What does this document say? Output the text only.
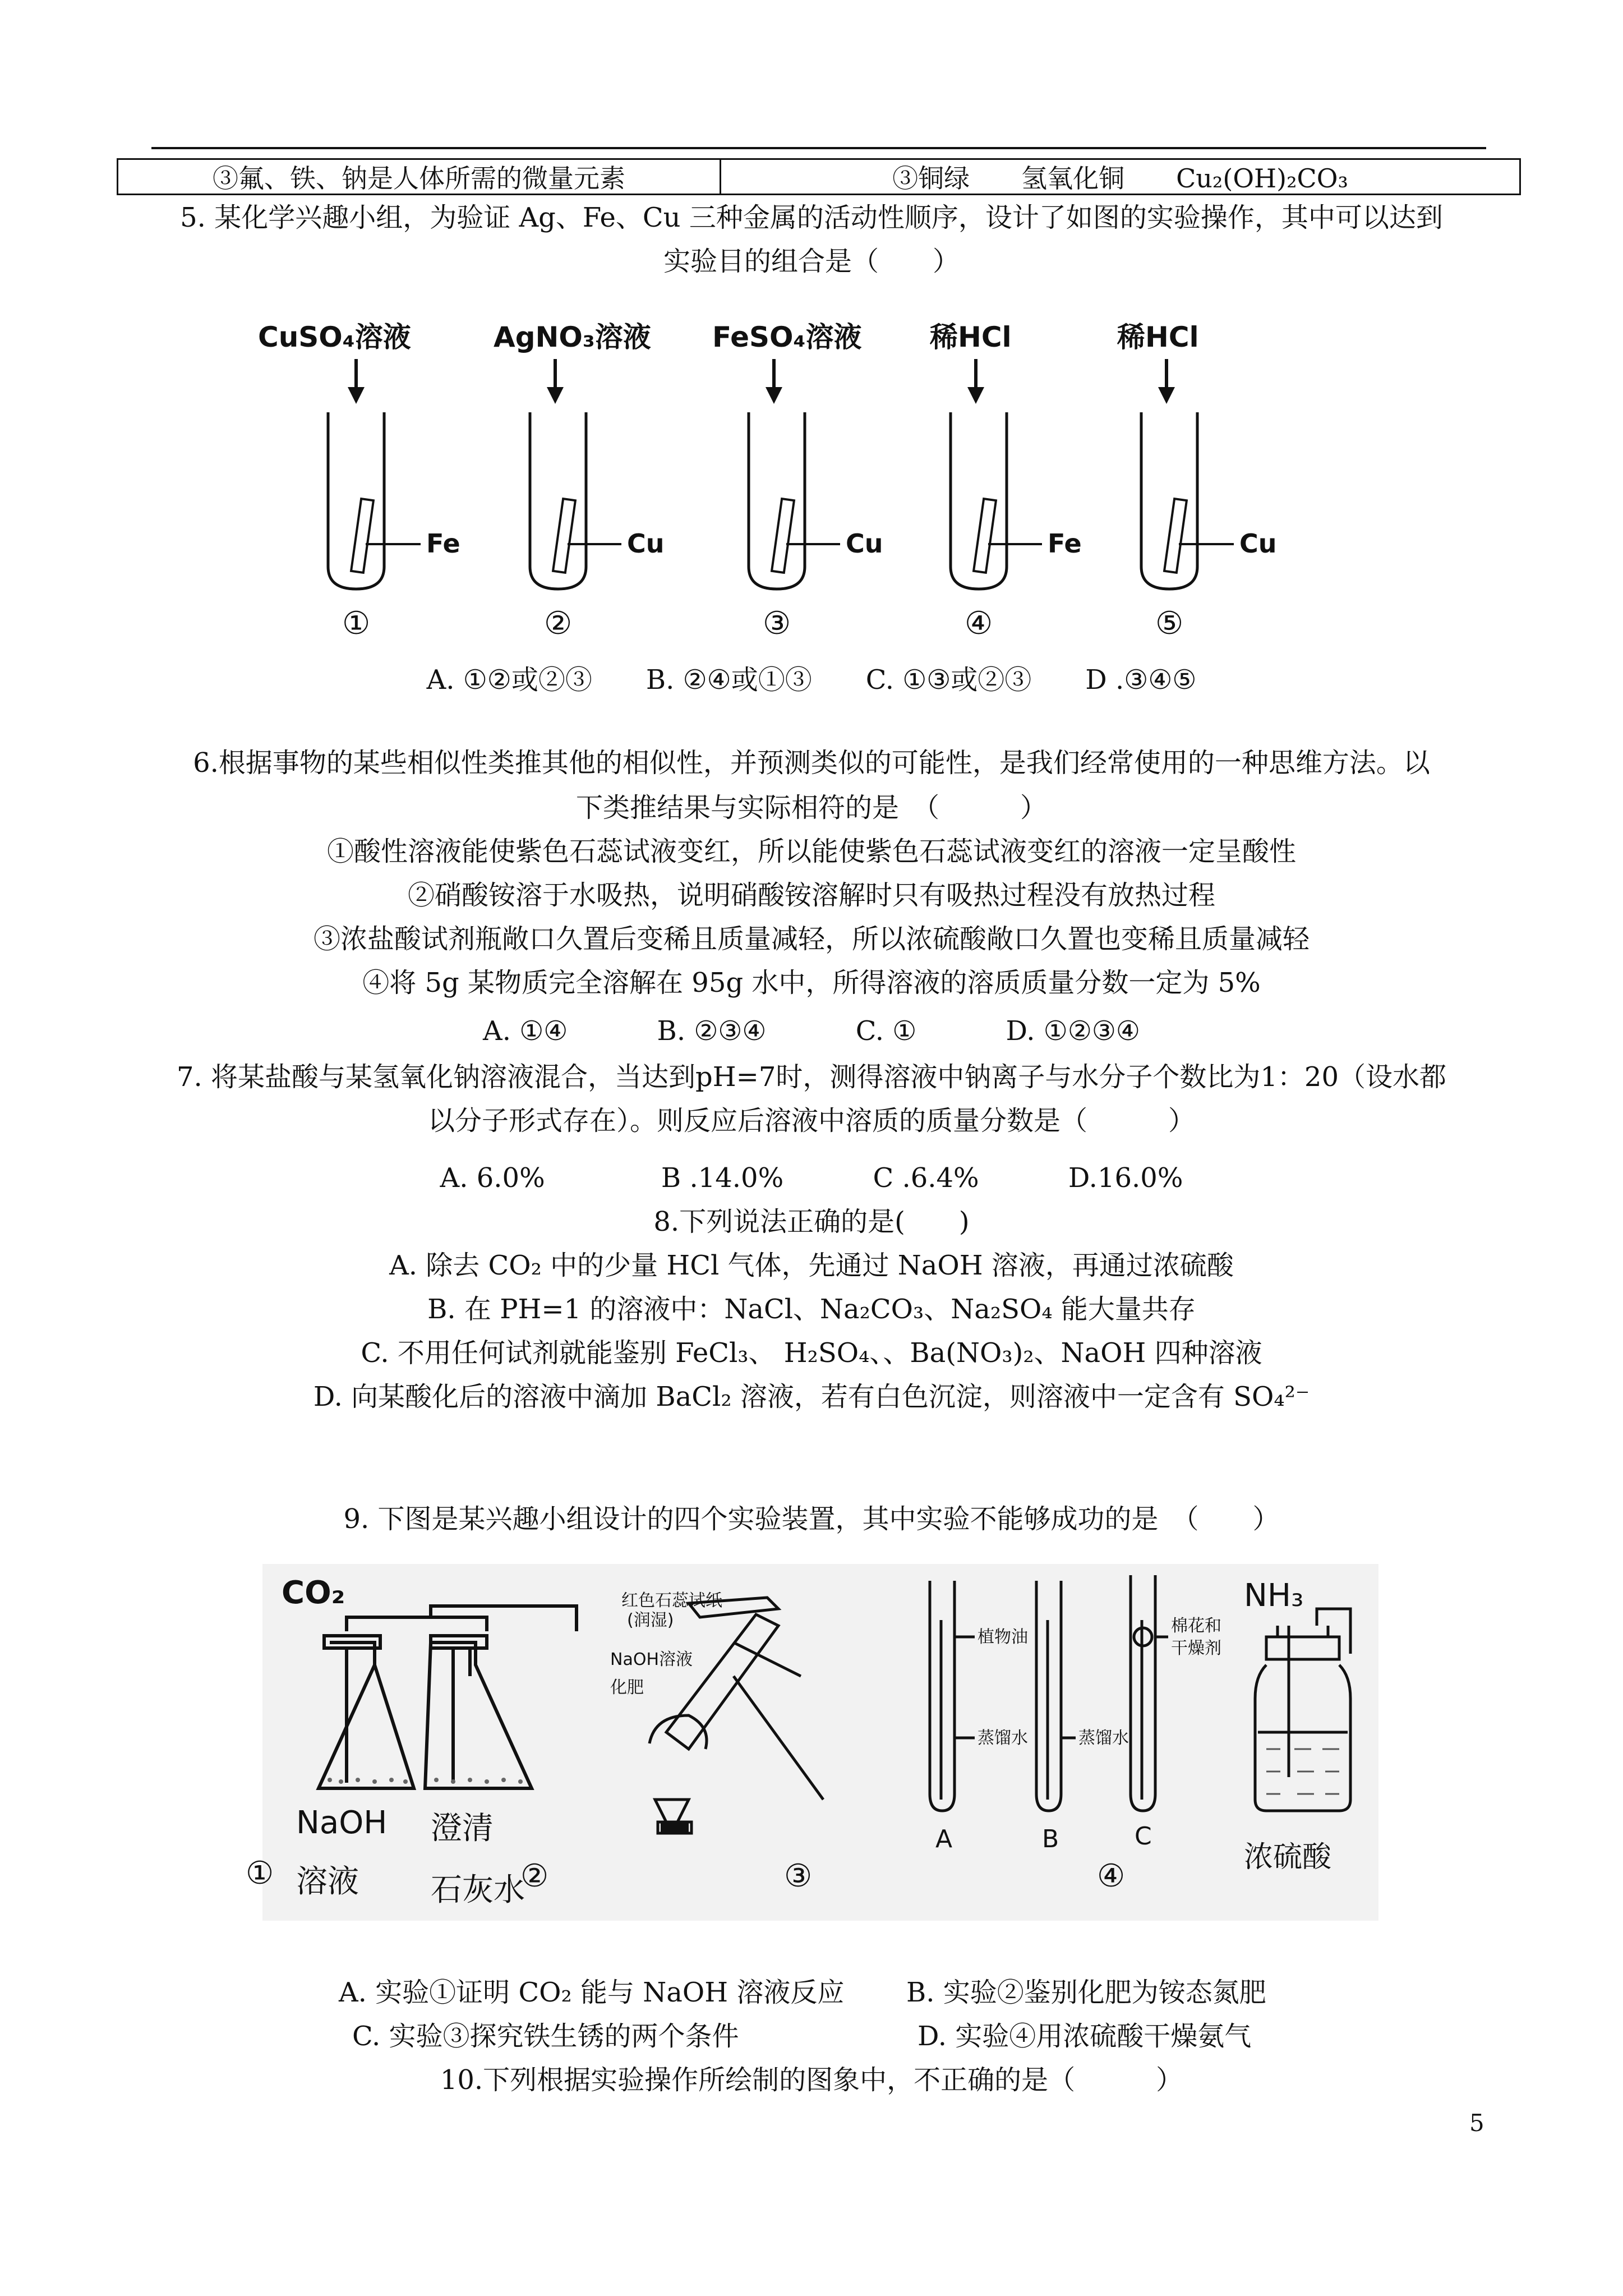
③氟、铁、钠是人体所需的微量元素	③铜绿　　氢氧化铜　　Cu₂(OH)₂CO₃
5. 某化学兴趣小组，为验证 Ag、Fe、Cu 三种金属的活动性顺序，设计了如图的实验操作，其中可以达到
实验目的组合是（　　）
CuSO₄溶液
Fe
①
AgNO₃溶液
Cu
②
FeSO₄溶液
Cu
③
稀HCl
Fe
④
稀HCl
Cu
⑤
A. ①②或②③　　B. ②④或①③　　C. ①③或②③　　D .③④⑤
6.根据事物的某些相似性类推其他的相似性，并预测类似的可能性，是我们经常使用的一种思维方法。以
下类推结果与实际相符的是　（　　　）
①酸性溶液能使紫色石蕊试液变红，所以能使紫色石蕊试液变红的溶液一定呈酸性
②硝酸铵溶于水吸热，说明硝酸铵溶解时只有吸热过程没有放热过程
③浓盐酸试剂瓶敞口久置后变稀且质量减轻，所以浓硫酸敞口久置也变稀且质量减轻
④将 5g 某物质完全溶解在 95g 水中，所得溶液的溶质质量分数一定为 5%
A. ①④　　　 B. ②③④　　　 C. ①　　　 D. ①②③④
7. 将某盐酸与某氢氧化钠溶液混合，当达到pH=7时，测得溶液中钠离子与水分子个数比为1：20（设水都
以分子形式存在）。则反应后溶液中溶质的质量分数是（　　　）
A. 6.0%　　　　 B .14.0%　　　 C .6.4%　　　 D.16.0%
8.下列说法正确的是(　　)
A. 除去 CO₂ 中的少量 HCl 气体，先通过 NaOH 溶液，再通过浓硫酸
B. 在 PH=1 的溶液中：NaCl、Na₂CO₃、Na₂SO₄ 能大量共存
C. 不用任何试剂就能鉴别 FeCl₃、 H₂SO₄、、Ba(NO₃)₂、NaOH 四种溶液
D. 向某酸化后的溶液中滴加 BaCl₂ 溶液，若有白色沉淀，则溶液中一定含有 SO₄²⁻
9. 下图是某兴趣小组设计的四个实验装置，其中实验不能够成功的是　（　　）
CO₂
NaOH 澄清
① 溶液 石灰水
②
红色石蕊试纸
(润湿)
NaOH溶液
化肥
③
植物油
蒸馏水	蒸馏水
棉花和
干燥剂
A	B	C
④
NH₃
浓硫酸
A. 实验①证明 CO₂ 能与 NaOH 溶液反应 B. 实验②鉴别化肥为铵态氮肥
C. 实验③探究铁生锈的两个条件	D. 实验④用浓硫酸干燥氨气
10.下列根据实验操作所绘制的图象中，不正确的是（　　　）
5
